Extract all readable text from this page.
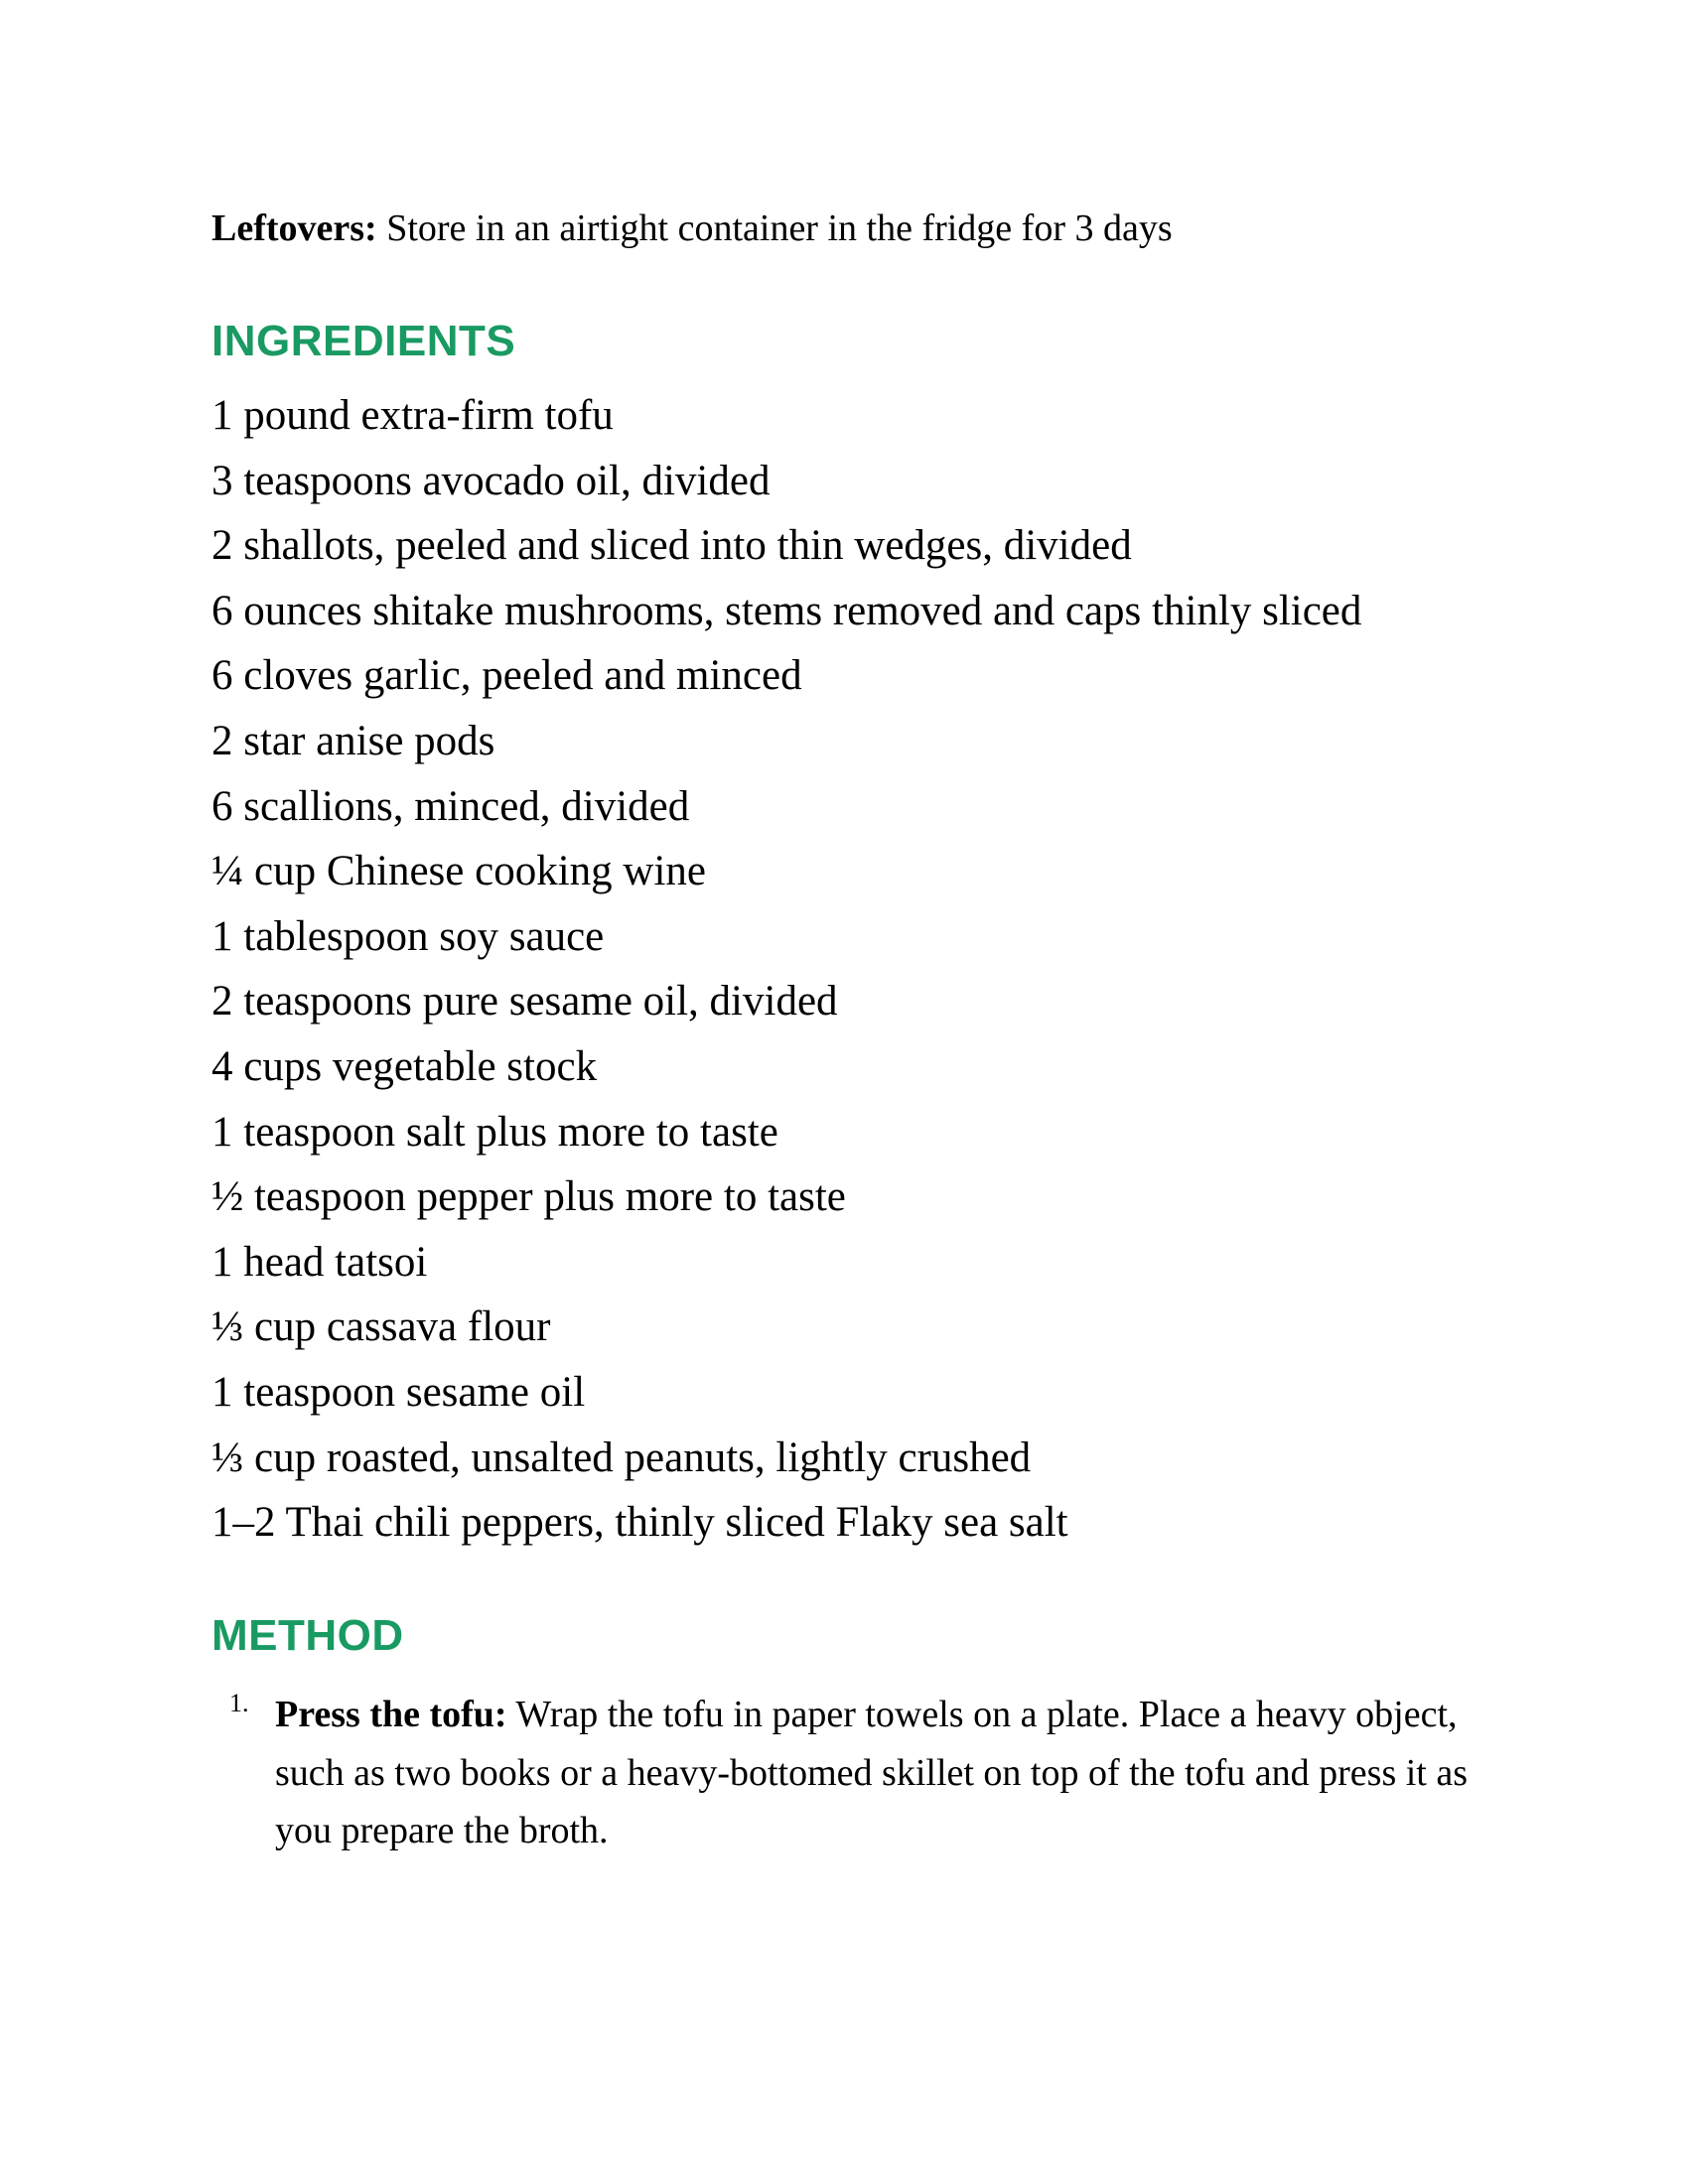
Leftovers: Store in an airtight container in the fridge for 3 days
INGREDIENTS
1 pound extra-firm tofu
3 teaspoons avocado oil, divided
2 shallots, peeled and sliced into thin wedges, divided
6 ounces shitake mushrooms, stems removed and caps thinly sliced
6 cloves garlic, peeled and minced
2 star anise pods
6 scallions, minced, divided
¼ cup Chinese cooking wine
1 tablespoon soy sauce
2 teaspoons pure sesame oil, divided
4 cups vegetable stock
1 teaspoon salt plus more to taste
½ teaspoon pepper plus more to taste
1 head tatsoi
⅓ cup cassava flour
1 teaspoon sesame oil
⅓ cup roasted, unsalted peanuts, lightly crushed
1–2 Thai chili peppers, thinly sliced Flaky sea salt
METHOD
1. Press the tofu: Wrap the tofu in paper towels on a plate. Place a heavy object, such as two books or a heavy-bottomed skillet on top of the tofu and press it as you prepare the broth.
